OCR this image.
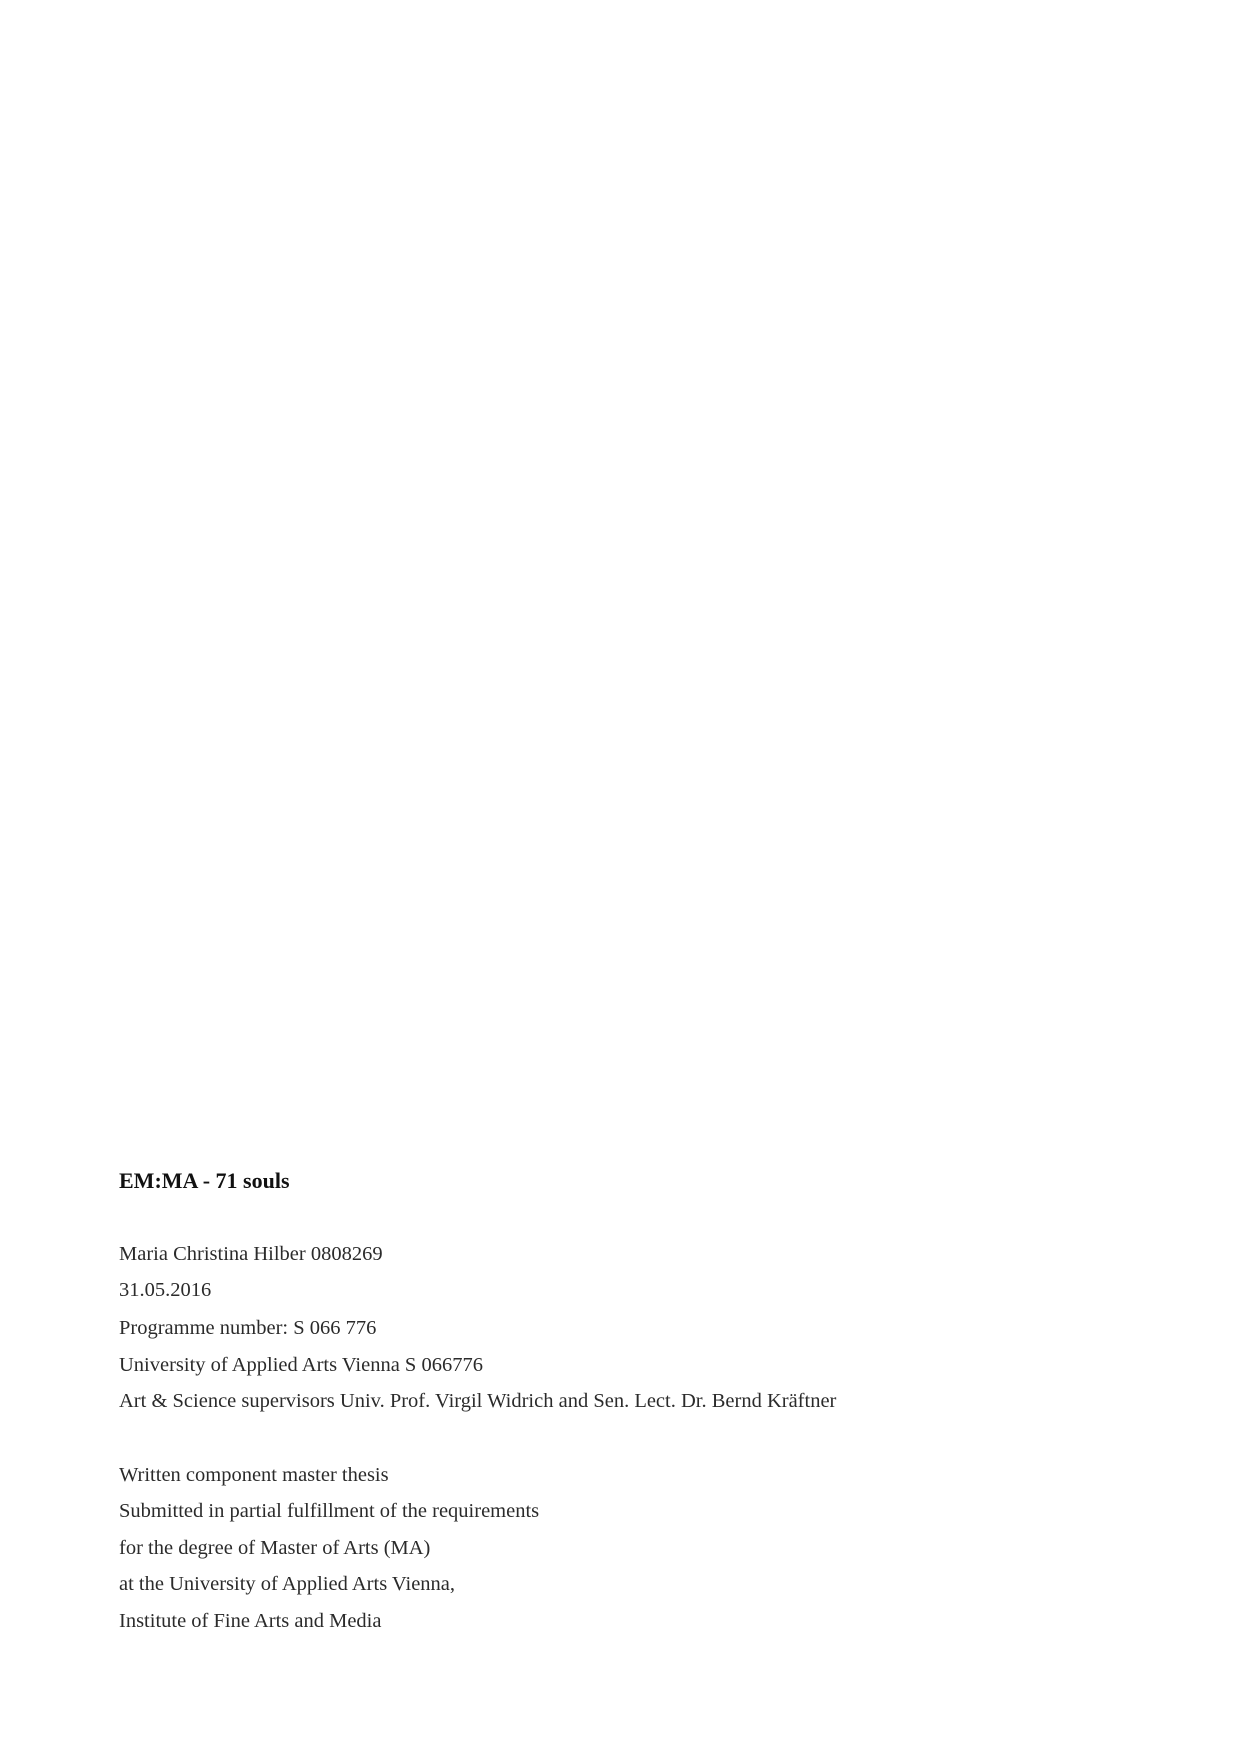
EM:MA - 71 souls

Maria Christina Hilber 0808269

31.05.2016

Programme number: S 066 776

University of Applied Arts Vienna S 066776

Art & Science supervisors Univ. Prof. Virgil Widrich and Sen. Lect. Dr. Bernd Kräftner

Written component master thesis

Submitted in partial fulfillment of the requirements

for the degree of Master of Arts (MA)

at the University of Applied Arts Vienna,

Institute of Fine Arts and Media
